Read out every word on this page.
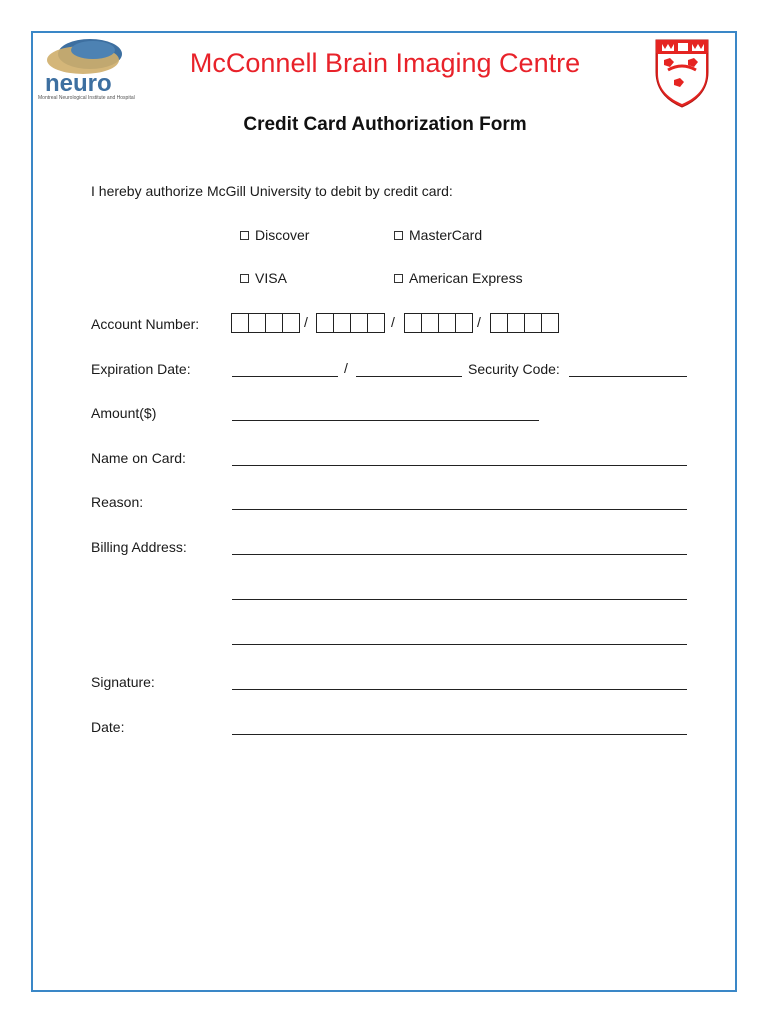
neuro
Montreal Neurological Institute and Hospital
McConnell Brain Imaging Centre
Credit Card Authorization Form
I hereby authorize McGill University to debit by credit card:
Discover	MasterCard
VISA	American Express
Account Number:	/	/	/
Expiration Date:	/	Security Code:
Amount($)
Name on Card:
Reason:
Billing Address:
Signature:
Date:
